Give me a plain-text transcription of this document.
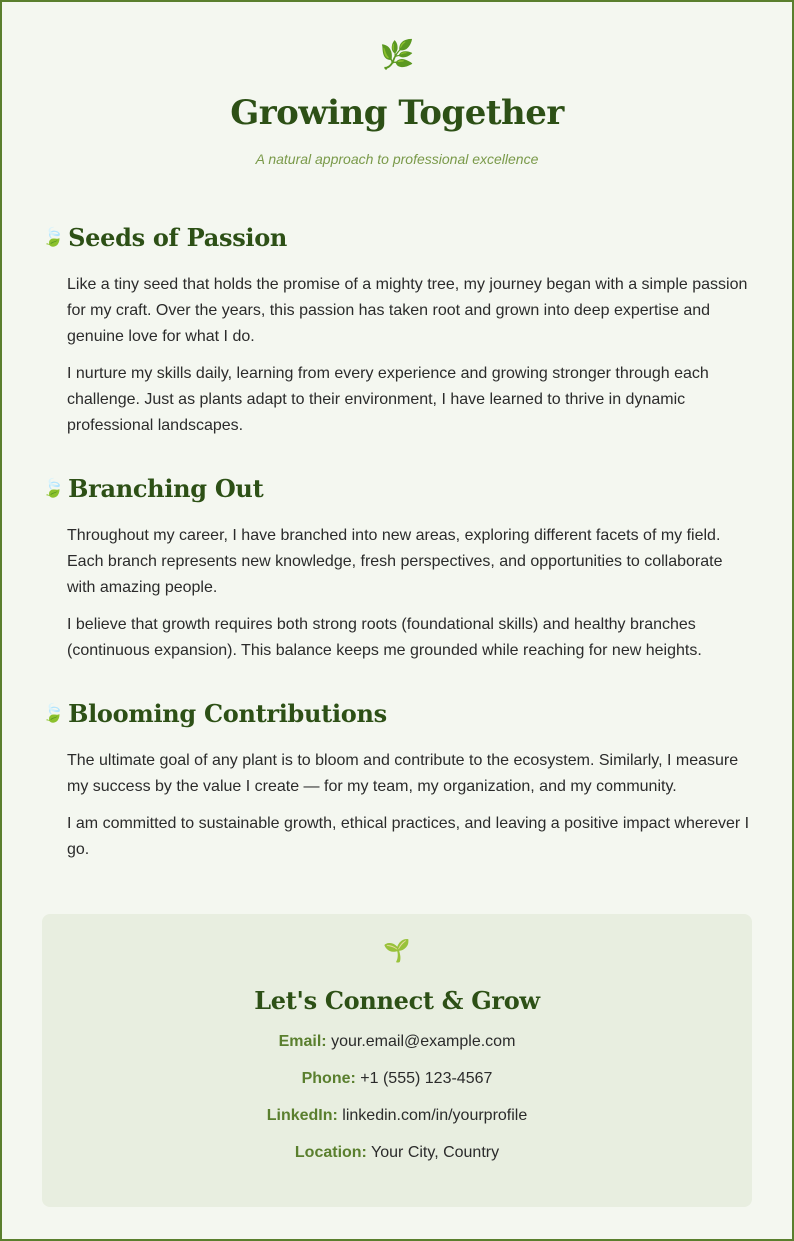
🌿
Growing Together
A natural approach to professional excellence
🍃 Seeds of Passion

Like a tiny seed that holds the promise of a mighty tree, my journey began with a simple passion for my craft. Over the years, this passion has taken root and grown into deep expertise and genuine love for what I do.

I nurture my skills daily, learning from every experience and growing stronger through each challenge. Just as plants adapt to their environment, I have learned to thrive in dynamic professional landscapes.

🍃 Branching Out

Throughout my career, I have branched into new areas, exploring different facets of my field. Each branch represents new knowledge, fresh perspectives, and opportunities to collaborate with amazing people.

I believe that growth requires both strong roots (foundational skills) and healthy branches (continuous expansion). This balance keeps me grounded while reaching for new heights.

🍃 Blooming Contributions

The ultimate goal of any plant is to bloom and contribute to the ecosystem. Similarly, I measure my success by the value I create — for my team, my organization, and my community.

I am committed to sustainable growth, ethical practices, and leaving a positive impact wherever I go.

🌱
Let's Connect & Grow
Email: your.email@example.com
Phone: +1 (555) 123-4567
LinkedIn: linkedin.com/in/yourprofile
Location: Your City, Country
